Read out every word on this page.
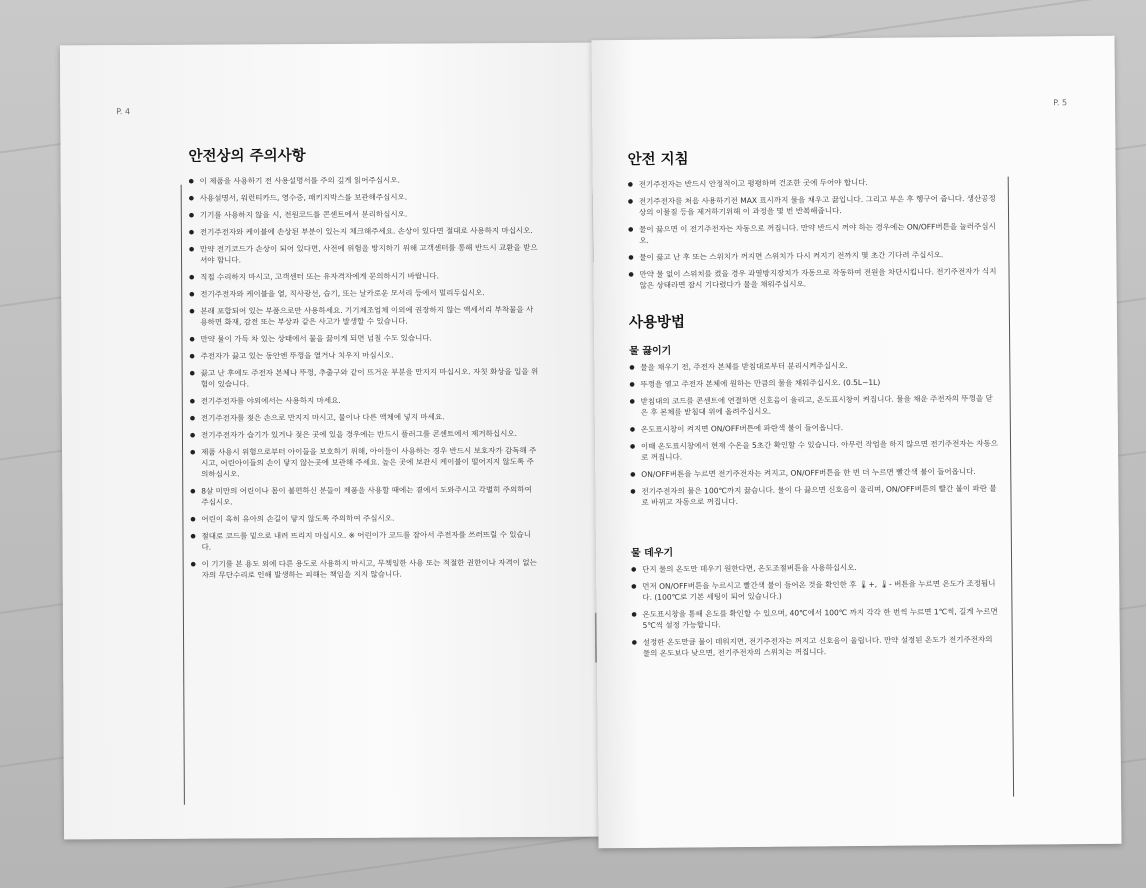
P. 4
안전상의 주의사항
● 이 제품을 사용하기 전 사용설명서를 주의 깊게 읽어주십시오.
● 사용설명서, 워런티카드, 영수증, 패키지박스를 보관해주십시오.
● 기기를 사용하지 않을 시, 전원코드를 콘센트에서 분리하십시오.
● 전기주전자와 케이블에 손상된 부분이 있는지 체크해주세요. 손상이 있다면 절대로 사용하지 마십시오.
● 만약 전기코드가 손상이 되어 있다면, 사전에 위험을 방지하기 위해 고객센터를 통해 반드시 교환을 받으셔야 합니다.
● 직접 수리하지 마시고, 고객센터 또는 유자격자에게 문의하시기 바랍니다.
● 전기주전자와 케이블을 열, 직사광선, 습기, 또는 날카로운 모서리 등에서 멀리두십시오.
● 본래 포함되어 있는 부품으로만 사용하세요. 기기제조업체 이외에 권장하지 않는 액세서리 부착물을 사용하면 화재, 감전 또는 부상과 같은 사고가 발생할 수 있습니다.
● 만약 물이 가득 차 있는 상태에서 물을 끓이게 되면 넘칠 수도 있습니다.
● 주전자가 끓고 있는 동안엔 뚜껑을 열거나 치우지 마십시오.
● 끓고 난 후에도 주전자 본체나 뚜껑, 추출구와 같이 뜨거운 부분을 만지지 마십시오. 자칫 화상을 입을 위험이 있습니다.
● 전기주전자를 야외에서는 사용하지 마세요.
● 전기주전자를 젖은 손으로 만지지 마시고, 물이나 다른 액체에 넣지 마세요.
● 전기주전자가 습기가 있거나 젖은 곳에 있을 경우에는 반드시 플러그를 콘센트에서 제거하십시오.
● 제품 사용시 위험으로부터 아이들을 보호하기 위해, 아이들이 사용하는 경우 반드시 보호자가 감독해 주시고, 어린아이들의 손이 닿지 않는곳에 보관해 주세요. 높은 곳에 보관시 케이블이 떨어지지 않도록 주의하십시오.
● 8살 미만의 어린이나 몸이 불편하신 분들이 제품을 사용할 때에는 곁에서 도와주시고 각별히 주의하여 주십시오.
● 어린이 혹히 유아의 손길이 닿지 않도록 주의하여 주십시오.
● 절대로 코드를 밑으로 내려 뜨리지 마십시오. ※ 어린이가 코드를 잡아서 주전자를 쓰러뜨릴 수 있습니다.
● 이 기기를 본 용도 외에 다른 용도로 사용하지 마시고, 무책임한 사용 또는 적절한 권한이나 자격이 없는 자의 무단수리로 인해 발생하는 피해는 책임을 지지 않습니다.
P. 5
안전 지침
● 전기주전자는 반드시 안정적이고 평평하며 건조한 곳에 두어야 합니다.
● 전기주전자를 처음 사용하기전 MAX 표시까지 물을 채우고 끓입니다. 그리고 부은 후 헹구어 줍니다. 생산공정상의 이물질 등을 제거하기위해 이 과정을 몇 번 반복해줍니다.
● 물이 끓으면 이 전기주전자는 자동으로 꺼집니다. 만약 반드시 꺼야 하는 경우에는 ON/OFF버튼을 눌러주십시오.
● 물이 끓고 난 후 또는 스위치가 꺼지면 스위치가 다시 켜지기 전까지 몇 초간 기다려 주십시오.
● 만약 물 없이 스위치를 켰을 경우 과열방지장치가 자동으로 작동하여 전원을 차단시킵니다. 전기주전자가 식지 않은 상태라면 잠시 기다렸다가 물을 채워주십시오.
사용방법
물 끓이기
● 물을 채우기 전, 주전자 본체를 받침대로부터 분리시켜주십시오.
● 뚜껑을 열고 주전자 본체에 원하는 만큼의 물을 채워주십시오. (0.5L~1L)
● 받침대의 코드를 콘센트에 연결하면 신호음이 울리고, 온도표시창이 켜집니다. 물을 채운 주전자의 뚜껑을 닫은 후 본체를 받침대 위에 올려주십시오.
● 온도표시창이 켜지면 ON/OFF버튼에 파란색 불이 들어옵니다.
● 이때 온도표시창에서 현재 수온을 5초간 확인할 수 있습니다. 아무런 작업을 하지 않으면 전기주전자는 자동으로 꺼집니다.
● ON/OFF버튼을 누르면 전기주전자는 켜지고, ON/OFF버튼을 한 번 더 누르면 빨간색 불이 들어옵니다.
● 전기주전자의 물은 100℃까지 끓습니다. 물이 다 끓으면 신호음이 울리며, ON/OFF버튼의 빨간 불이 파란 불로 바뀌고 자동으로 꺼집니다.
물 데우기
● 단지 물의 온도만 데우기 원한다면, 온도조절버튼을 사용하십시오.
● 먼저 ON/OFF버튼을 누르시고 빨간색 불이 들어온 것을 확인한 후 🌡+, 🌡- 버튼을 누르면 온도가 조정됩니다. (100℃로 기본 세팅이 되어 있습니다.)
● 온도표시창을 통해 온도를 확인할 수 있으며, 40℃에서 100℃ 까지 각각 한 번씩 누르면 1℃씩, 길게 누르면 5℃씩 설정 가능합니다.
● 설정한 온도만큼 물이 데워지면, 전기주전자는 꺼지고 신호음이 울립니다. 만약 설정된 온도가 전기주전자의 물의 온도보다 낮으면, 전기주전자의 스위치는 꺼집니다.
